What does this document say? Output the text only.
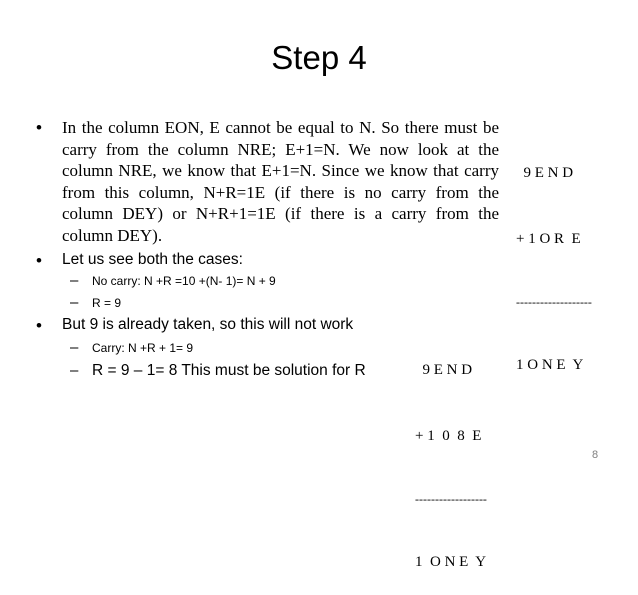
Step 4
• In the column EON, E cannot be equal to N. So there must be carry from the column NRE; E+1=N. We now look at the column NRE, we know that E+1=N. Since we know that carry from this column, N+R=1E (if there is no carry from the column DEY) or N+R+1=1E (if there is a carry from the column DEY).
• Let us see both the cases:
– No carry: N +R =10 +(N- 1)= N + 9
– R = 9
• But 9 is already taken, so this will not work
– Carry: N +R + 1= 9
– R = 9 – 1= 8 This must be solution for R

9 E N D

+ 1 O R  E

-------------------

1 O N E  Y

9 E N D

+ 1  0  8  E

------------------

1  O N E  Y

8
